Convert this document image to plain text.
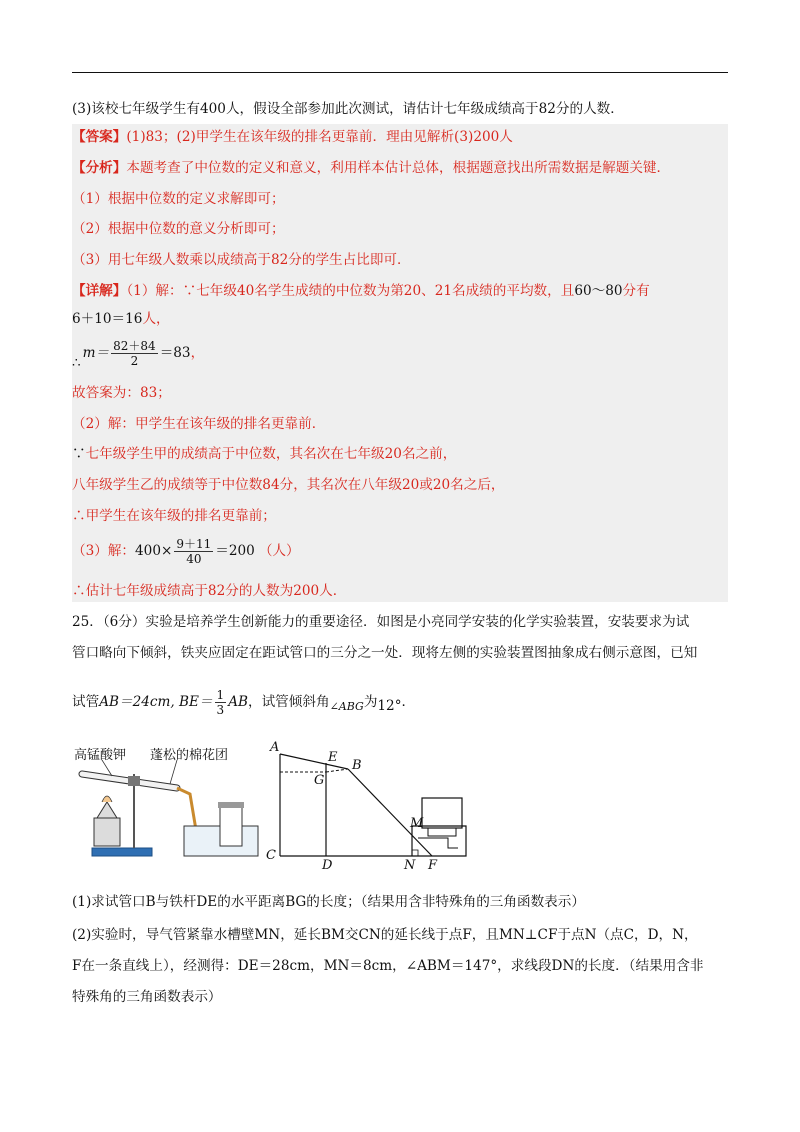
(3)该校七年级学生有400人，假设全部参加此次测试，请估计七年级成绩高于82分的人数．
【答案】(1)83；(2)甲学生在该年级的排名更靠前．理由见解析(3)200人
【分析】本题考查了中位数的定义和意义，利用样本估计总体，根据题意找出所需数据是解题关键．
（1）根据中位数的定义求解即可；
（2）根据中位数的意义分析即可；
（3）用七年级人数乘以成绩高于82分的学生占比即可．
【详解】（1）解：∵七年级40名学生成绩的中位数为第20、21名成绩的平均数，且60～80分有
6＋10＝16人，
∴
$m= \frac{82+84}{2} =83$ ，
故答案为：83；
（2）解：甲学生在该年级的排名更靠前．
∵七年级学生甲的成绩高于中位数，其名次在七年级20名之前，
八年级学生乙的成绩等于中位数84分，其名次在八年级20或20名之后，
∴甲学生在该年级的排名更靠前；
（3）解： $400\times \frac{9+11}{40} =200$ （人）
∴估计七年级成绩高于82分的人数为200人．
25．（6分）实验是培养学生创新能力的重要途径．如图是小亮同学安装的化学实验装置，安装要求为试
管口略向下倾斜，铁夹应固定在距试管口的三分之一处．现将左侧的实验装置图抽象成右侧示意图，已知
试管 AB＝24cm, $BE= \frac{1}{3}$ AB ，试管倾斜角 ∠ABG 为 12° ．
高锰酸钾 蓬松的棉花团
A
E
B
G
M
C
D	N F
(1)求试管口B与铁杆DE的水平距离BG的长度；（结果用含非特殊角的三角函数表示）
(2)实验时，导气管紧靠水槽壁MN，延长BM交CN的延长线于点F，且MN⊥CF于点N（点C，D，N，
F在一条直线上），经测得：DE＝28cm，MN＝8cm，∠ABM＝147°，求线段DN的长度．（结果用含非
特殊角的三角函数表示）
